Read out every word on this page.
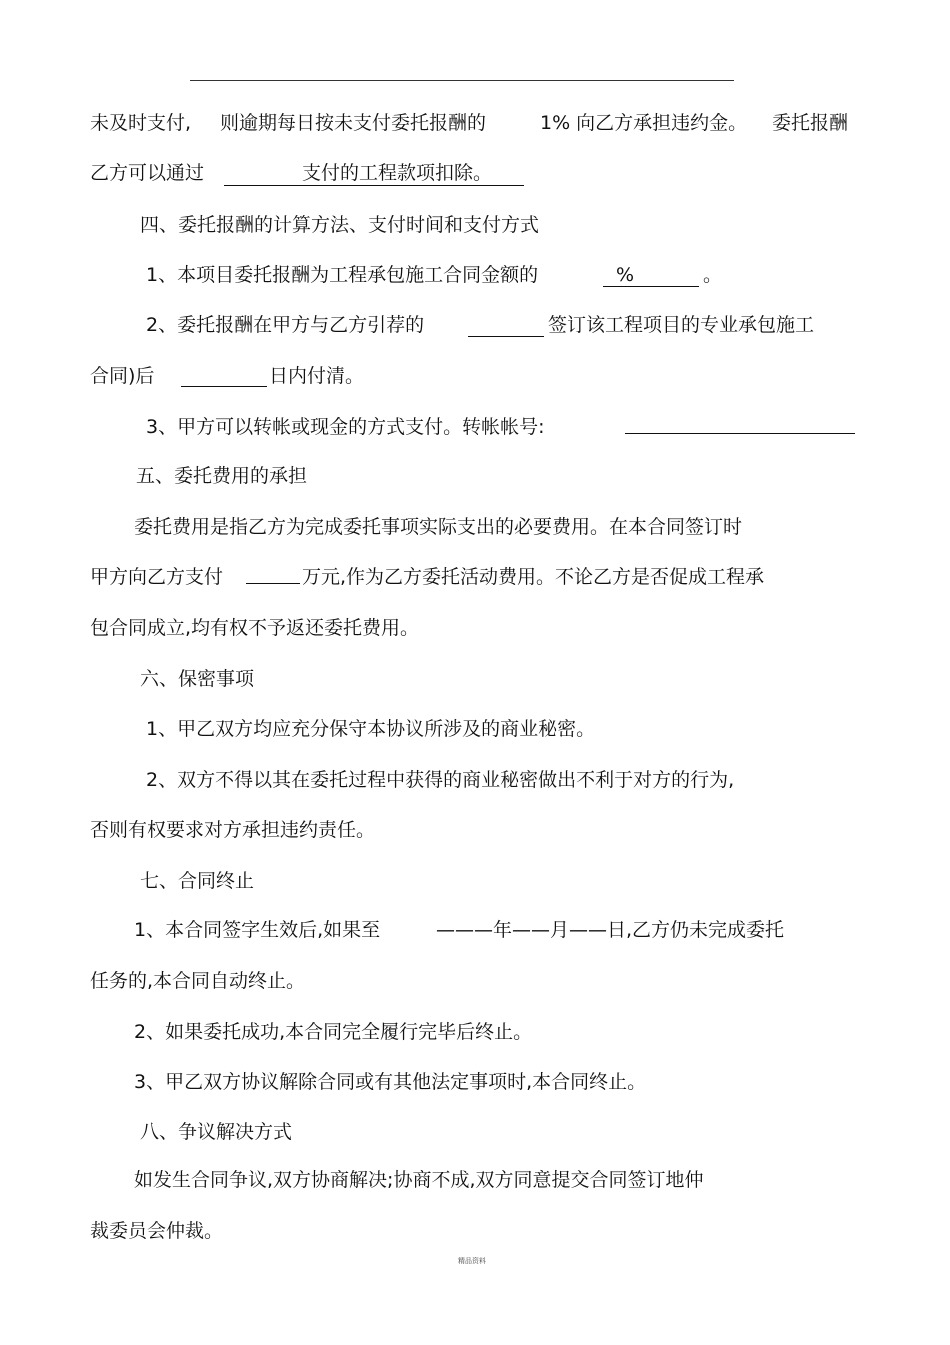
未及时支付, 则逾期每日按未支付委托报酬的	1% 向乙方承担违约金。 委托报酬
乙方可以通过	支付的工程款项扣除。
四、委托报酬的计算方法、支付时间和支付方式
1、本项目委托报酬为工程承包施工合同金额的	%	。
2、委托报酬在甲方与乙方引荐的	签订该工程项目的专业承包施工
合同)后	日内付清。
3、甲方可以转帐或现金的方式支付。转帐帐号:
五、委托费用的承担
委托费用是指乙方为完成委托事项实际支出的必要费用。在本合同签订时
甲方向乙方支付	万元,作为乙方委托活动费用。不论乙方是否促成工程承
包合同成立,均有权不予返还委托费用。
六、保密事项
1、甲乙双方均应充分保守本协议所涉及的商业秘密。
2、双方不得以其在委托过程中获得的商业秘密做出不利于对方的行为,
否则有权要求对方承担违约责任。
七、合同终止
1、本合同签字生效后,如果至	———年——月——日,乙方仍未完成委托
任务的,本合同自动终止。
2、如果委托成功,本合同完全履行完毕后终止。
3、甲乙双方协议解除合同或有其他法定事项时,本合同终止。
八、争议解决方式
如发生合同争议,双方协商解决;协商不成,双方同意提交合同签订地仲
裁委员会仲裁。
精品资料
